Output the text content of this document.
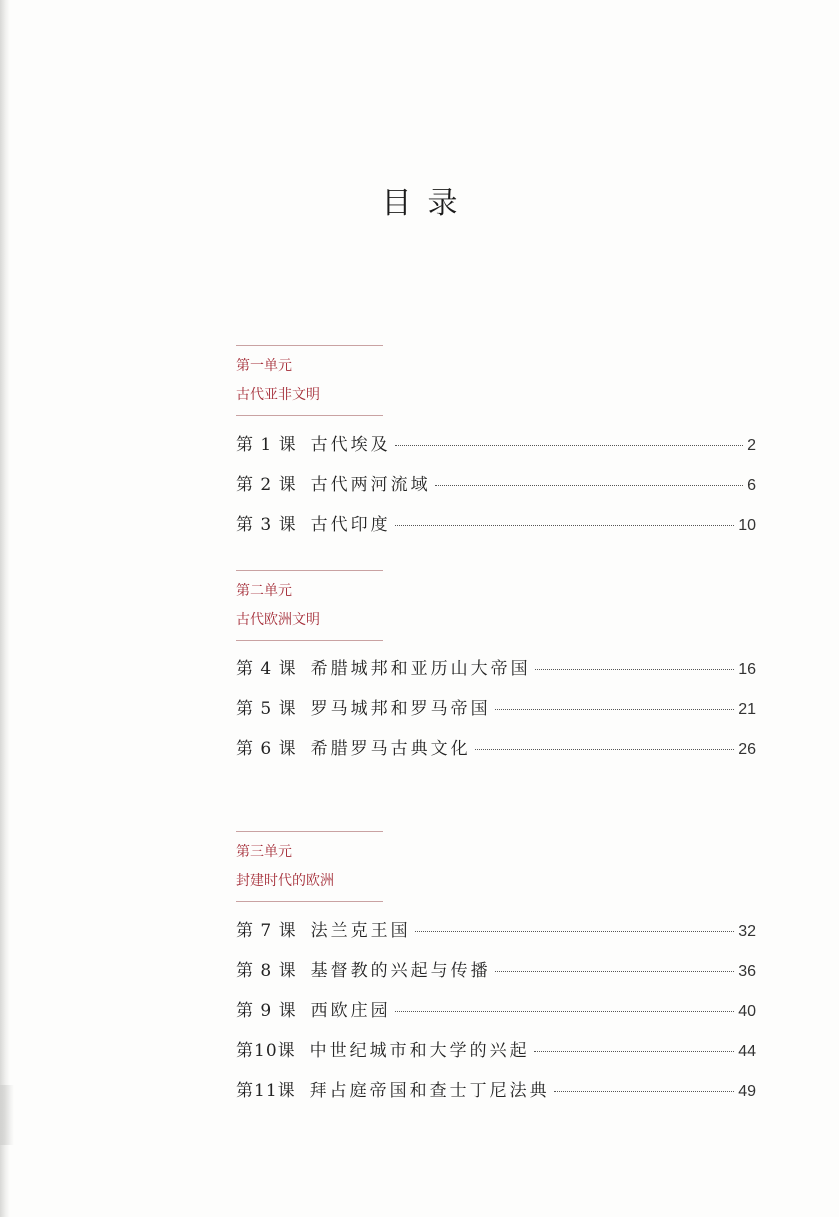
目录
第一单元
古代亚非文明
第 1 课 古代埃及	2
第 2 课 古代两河流域	6
第 3 课 古代印度	10
第二单元
古代欧洲文明
第 4 课 希腊城邦和亚历山大帝国	16
第 5 课 罗马城邦和罗马帝国	21
第 6 课 希腊罗马古典文化	26
第三单元
封建时代的欧洲
第 7 课 法兰克王国	32
第 8 课 基督教的兴起与传播	36
第 9 课 西欧庄园	40
第10课 中世纪城市和大学的兴起	44
第11课 拜占庭帝国和查士丁尼法典	49
